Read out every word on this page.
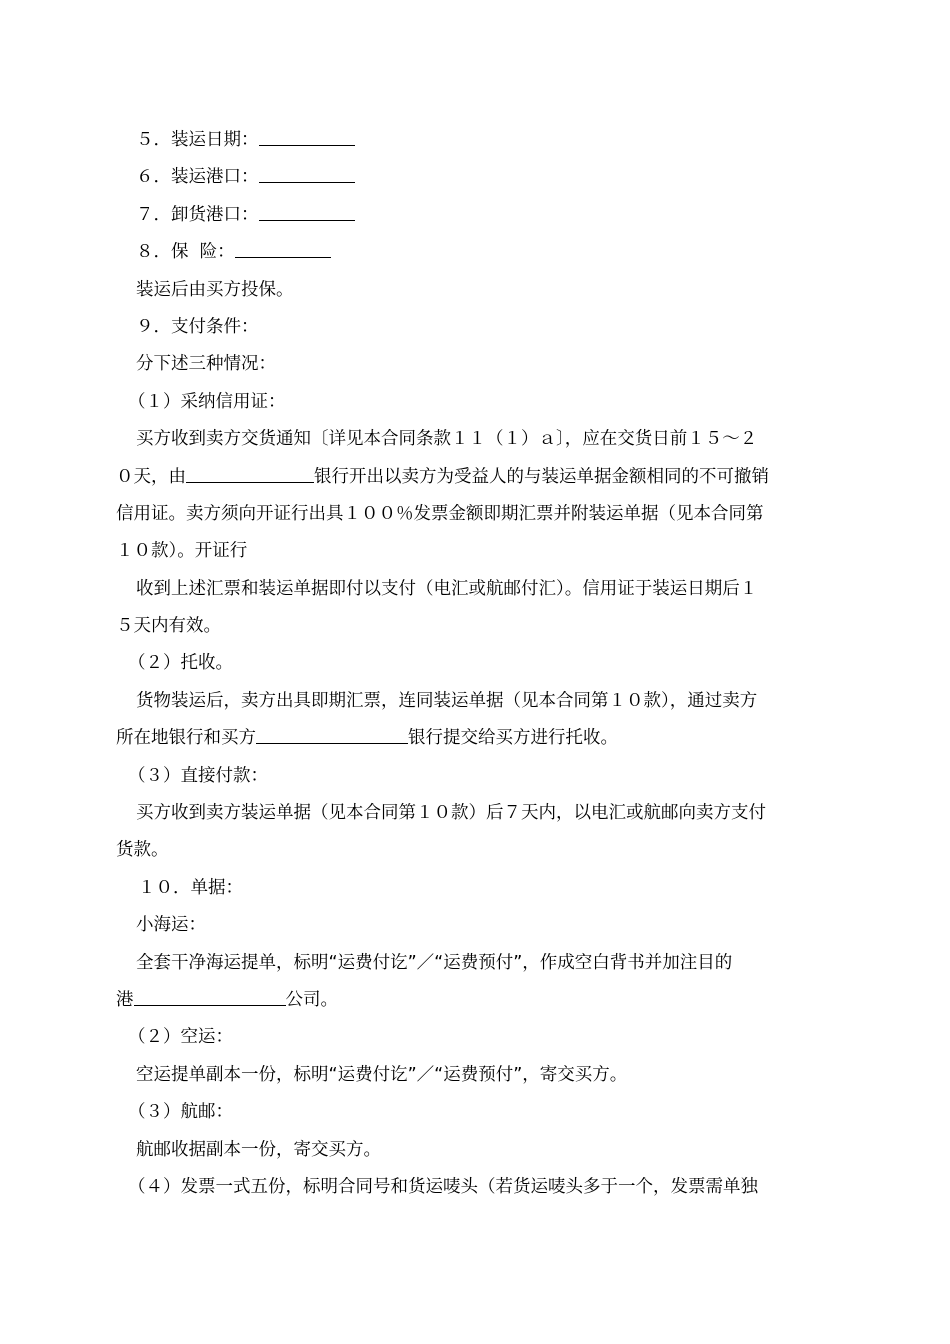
５．装运日期：
６．装运港口：
７．卸货港口：
８．保  险：
装运后由买方投保。
９．支付条件：
分下述三种情况：
（１）采纳信用证：
买方收到卖方交货通知〔详见本合同条款１１（１）ａ〕，应在交货日前１５～２
０天，由	银行开出以卖方为受益人的与装运单据金额相同的不可撤销
信用证。卖方须向开证行出具１００％发票金额即期汇票并附装运单据（见本合同第
１０款）。开证行
收到上述汇票和装运单据即付以支付（电汇或航邮付汇）。信用证于装运日期后１
５天内有效。
（２）托收。
货物装运后，卖方出具即期汇票，连同装运单据（见本合同第１０款），通过卖方
所在地银行和买方	银行提交给买方进行托收。
（３）直接付款：
买方收到卖方装运单据（见本合同第１０款）后７天内，以电汇或航邮向卖方支付
货款。
１０．单据：
小海运：
全套干净海运提单，标明“运费付讫”／“运费预付”，作成空白背书并加注目的
港	公司。
（２）空运：
空运提单副本一份，标明“运费付讫”／“运费预付”，寄交买方。
（３）航邮：
航邮收据副本一份，寄交买方。
（４）发票一式五份，标明合同号和货运唛头（若货运唛头多于一个，发票需单独
